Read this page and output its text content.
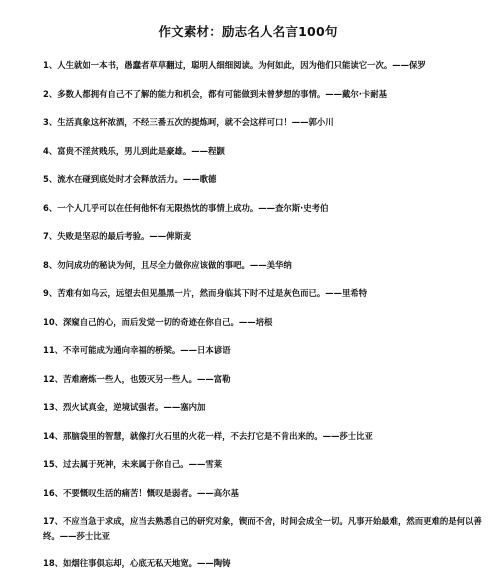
作文素材：励志名人名言100句
1、人生就如一本书，愚蠢者草草翻过，聪明人细细阅读。为何如此，因为他们只能读它一次。——保罗
2、多数人都拥有自己不了解的能力和机会，都有可能做到未曾梦想的事情。——戴尔·卡耐基
3、生活真象这杯浓酒，不经三番五次的提炼呵，就不会这样可口！——郭小川
4、富贵不淫贫贱乐，男儿到此是豪雄。——程颢
5、流水在碰到底处时才会释放活力。——歌德
6、一个人几乎可以在任何他怀有无限热忱的事情上成功。——查尔斯·史考伯
7、失败是坚忍的最后考验。——俾斯麦
8、勿问成功的秘诀为何，且尽全力做你应该做的事吧。——美华纳
9、苦难有如乌云，远望去但见墨黑一片，然而身临其下时不过是灰色而已。——里希特
10、深窥自己的心，而后发觉一切的奇迹在你自己。——培根
11、不幸可能成为通向幸福的桥梁。——日本谚语
12、苦难磨炼一些人，也毁灭另一些人。——富勒
13、烈火试真金，逆境试强者。——塞内加
14、那脑袋里的智慧，就像打火石里的火花一样，不去打它是不肯出来的。——莎士比亚
15、过去属于死神，未来属于你自己。——雪莱
16、不要慨叹生活的痛苦！慨叹是弱者。——高尔基
17、不应当急于求成，应当去熟悉自己的研究对象，锲而不舍，时间会成全一切。凡事开始最难，然而更难的是何以善终。——莎士比亚
18、如烟往事俱忘却，心底无私天地宽。——陶铸
